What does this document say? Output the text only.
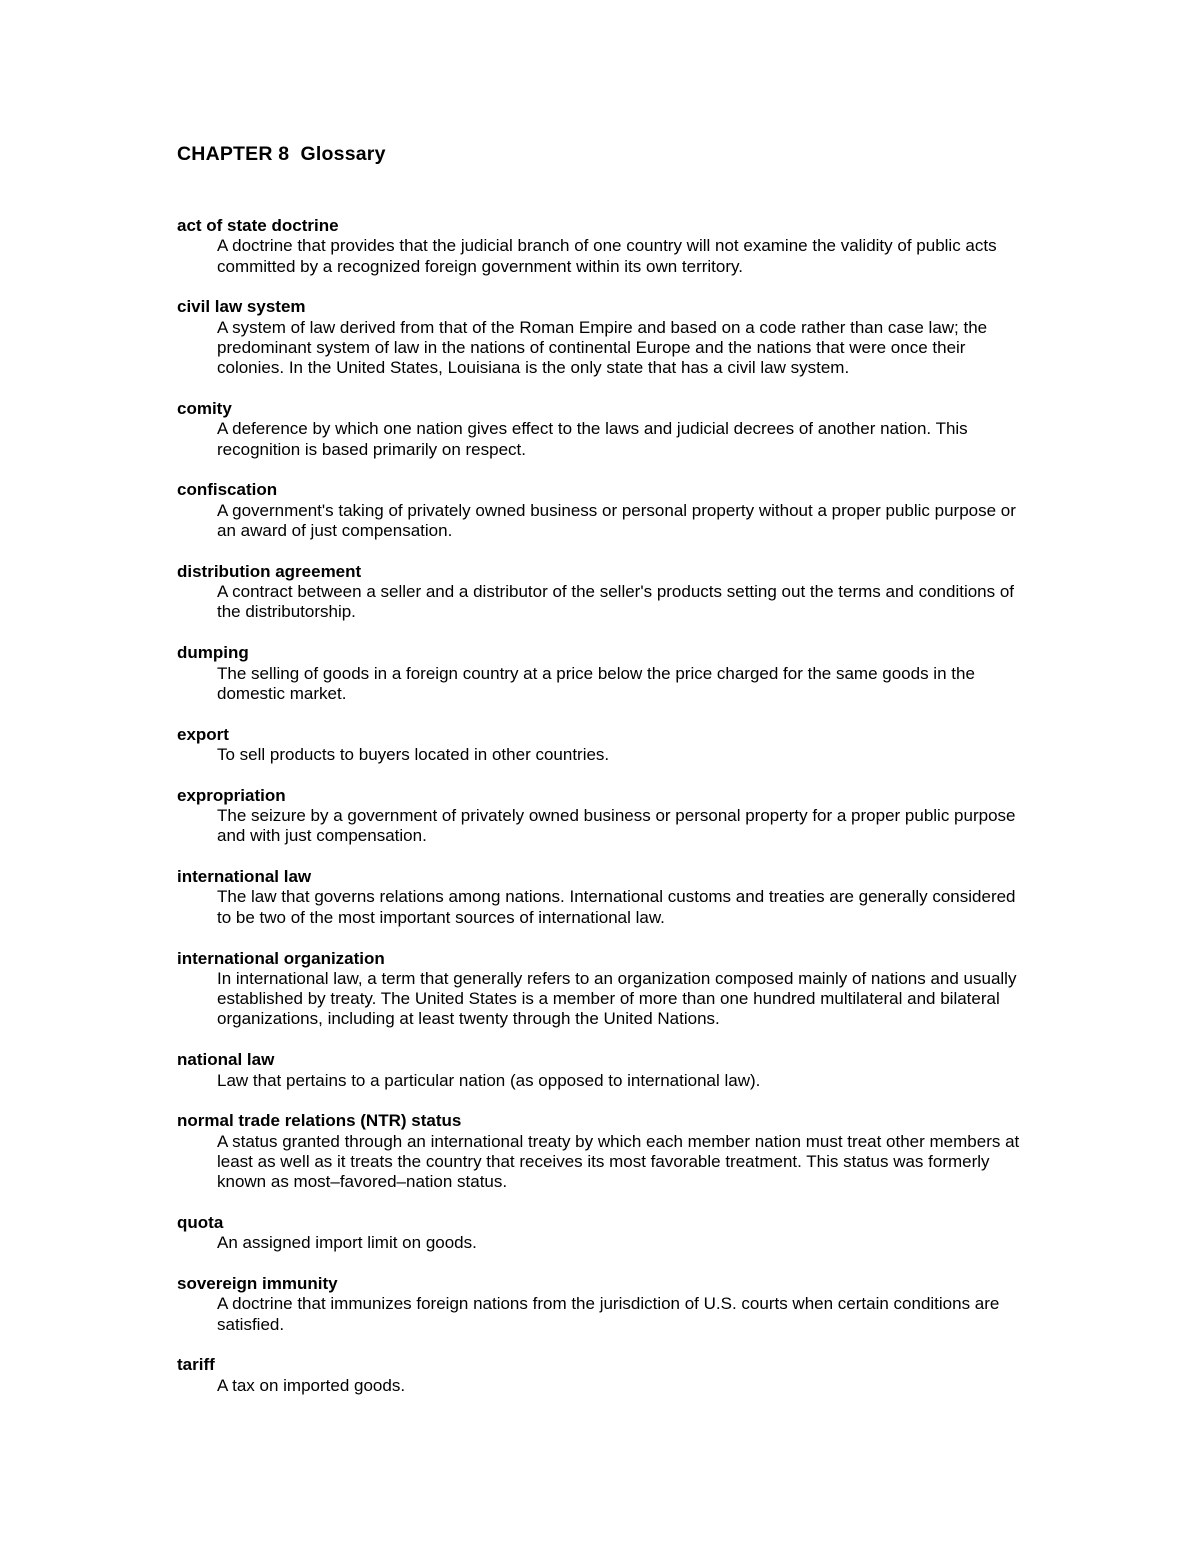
CHAPTER 8  Glossary
act of state doctrine
A doctrine that provides that the judicial branch of one country will not examine the validity of public acts committed by a recognized foreign government within its own territory.
civil law system
A system of law derived from that of the Roman Empire and based on a code rather than case law; the predominant system of law in the nations of continental Europe and the nations that were once their colonies. In the United States, Louisiana is the only state that has a civil law system.
comity
A deference by which one nation gives effect to the laws and judicial decrees of another nation. This recognition is based primarily on respect.
confiscation
A government's taking of privately owned business or personal property without a proper public purpose or an award of just compensation.
distribution agreement
A contract between a seller and a distributor of the seller's products setting out the terms and conditions of the distributorship.
dumping
The selling of goods in a foreign country at a price below the price charged for the same goods in the domestic market.
export
To sell products to buyers located in other countries.
expropriation
The seizure by a government of privately owned business or personal property for a proper public purpose and with just compensation.
international law
The law that governs relations among nations. International customs and treaties are generally considered to be two of the most important sources of international law.
international organization
In international law, a term that generally refers to an organization composed mainly of nations and usually established by treaty. The United States is a member of more than one hundred multilateral and bilateral organizations, including at least twenty through the United Nations.
national law
Law that pertains to a particular nation (as opposed to international law).
normal trade relations (NTR) status
A status granted through an international treaty by which each member nation must treat other members at least as well as it treats the country that receives its most favorable treatment. This status was formerly known as most–favored–nation status.
quota
An assigned import limit on goods.
sovereign immunity
A doctrine that immunizes foreign nations from the jurisdiction of U.S. courts when certain conditions are satisfied.
tariff
A tax on imported goods.
